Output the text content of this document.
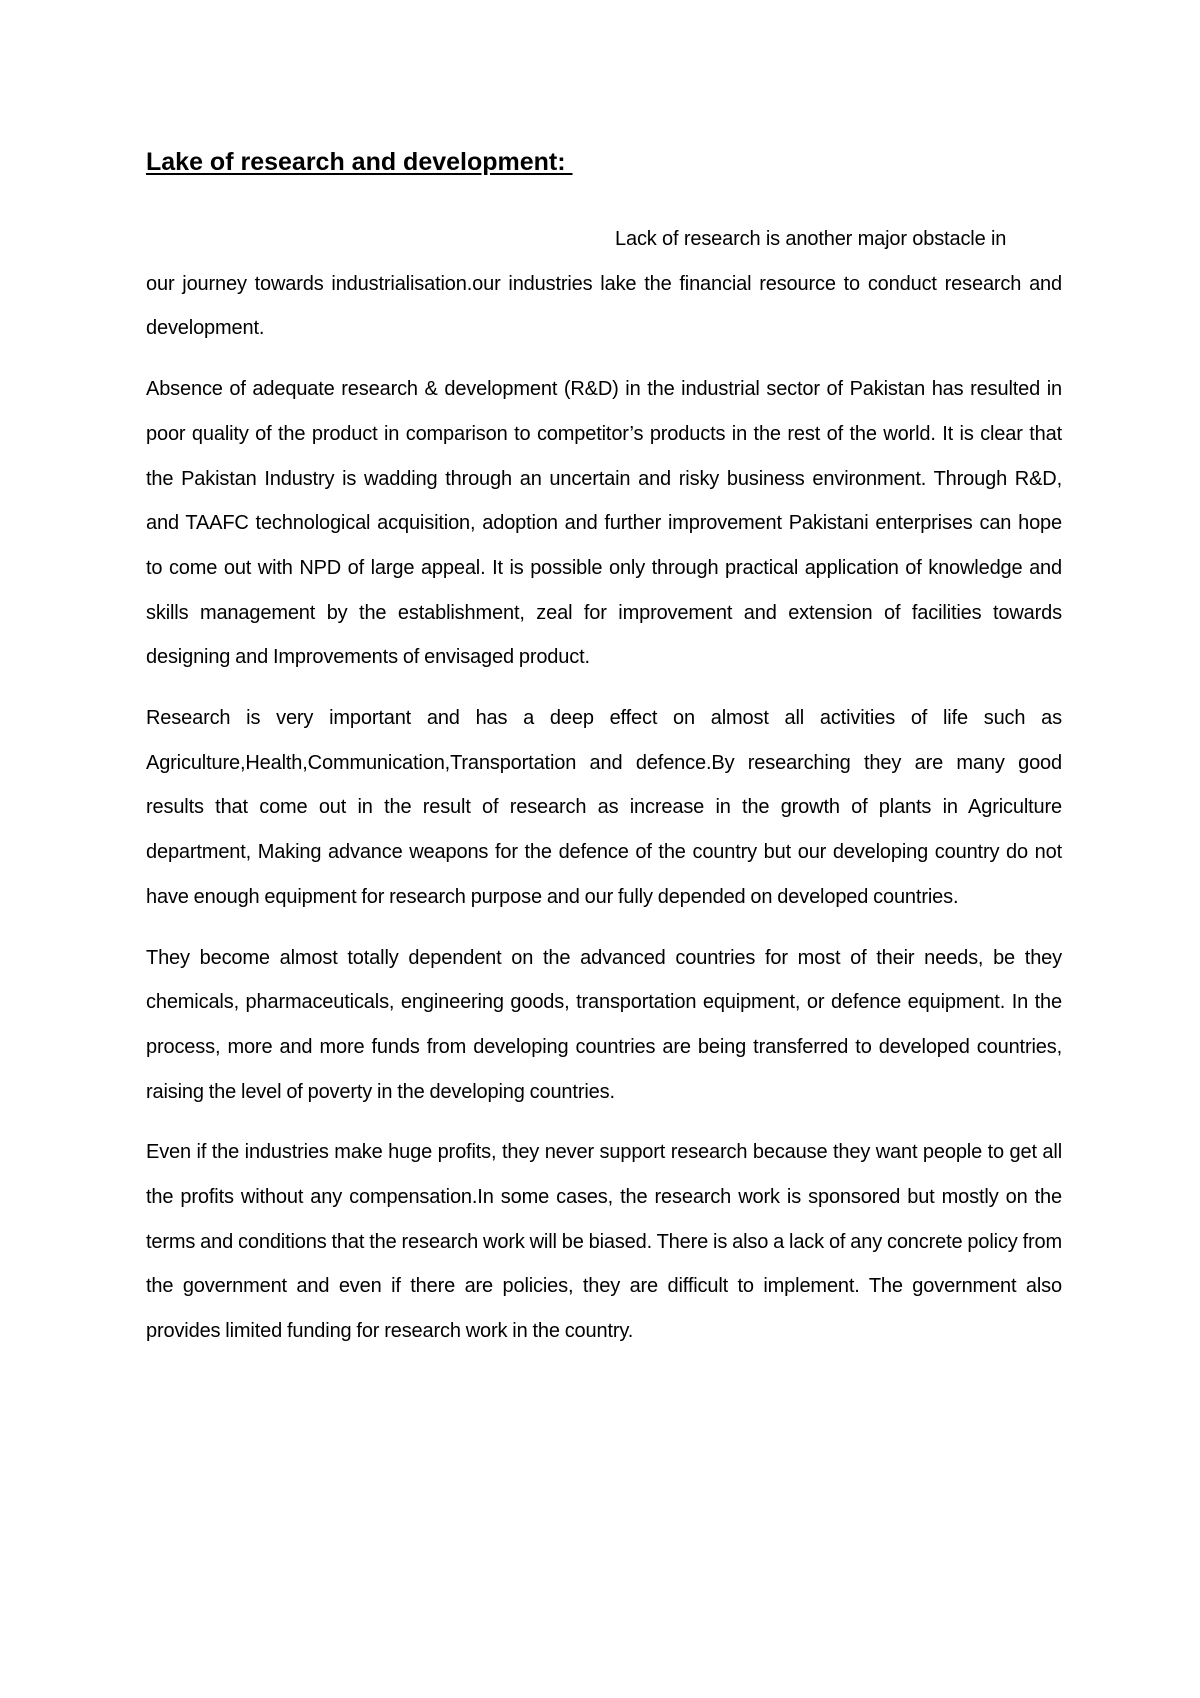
Lake of research and development:
Lack of research is another major obstacle in

our journey towards industrialisation.our industries lake the financial resource to conduct research and development.

Absence of adequate research & development (R&D) in the industrial sector of Pakistan has resulted in poor quality of the product in comparison to competitor’s products in the rest of the world. It is clear that the Pakistan Industry is wadding through an uncertain and risky business environment. Through R&D, and TAAFC technological acquisition, adoption and further improvement Pakistani enterprises can hope to come out with NPD of large appeal. It is possible only through practical application of knowledge and skills management by the establishment, zeal for improvement and extension of facilities towards designing and Improvements of envisaged product.

Research is very important and has a deep effect on almost all activities of life such as Agriculture,Health,Communication,Transportation and defence.By researching they are many good results that come out in the result of research as increase in the growth of plants in Agriculture department, Making advance weapons for the defence of the country but our developing country do not have enough equipment for research purpose and our fully depended on developed countries.

They become almost totally dependent on the advanced countries for most of their needs, be they chemicals, pharmaceuticals, engineering goods, transportation equipment, or defence equipment. In the process, more and more funds from developing countries are being transferred to developed countries, raising the level of poverty in the developing countries.

Even if the industries make huge profits, they never support research because they want people to get all the profits without any compensation.In some cases, the research work is sponsored but mostly on the terms and conditions that the research work will be biased. There is also a lack of any concrete policy from the government and even if there are policies, they are difficult to implement. The government also provides limited funding for research work in the country.
